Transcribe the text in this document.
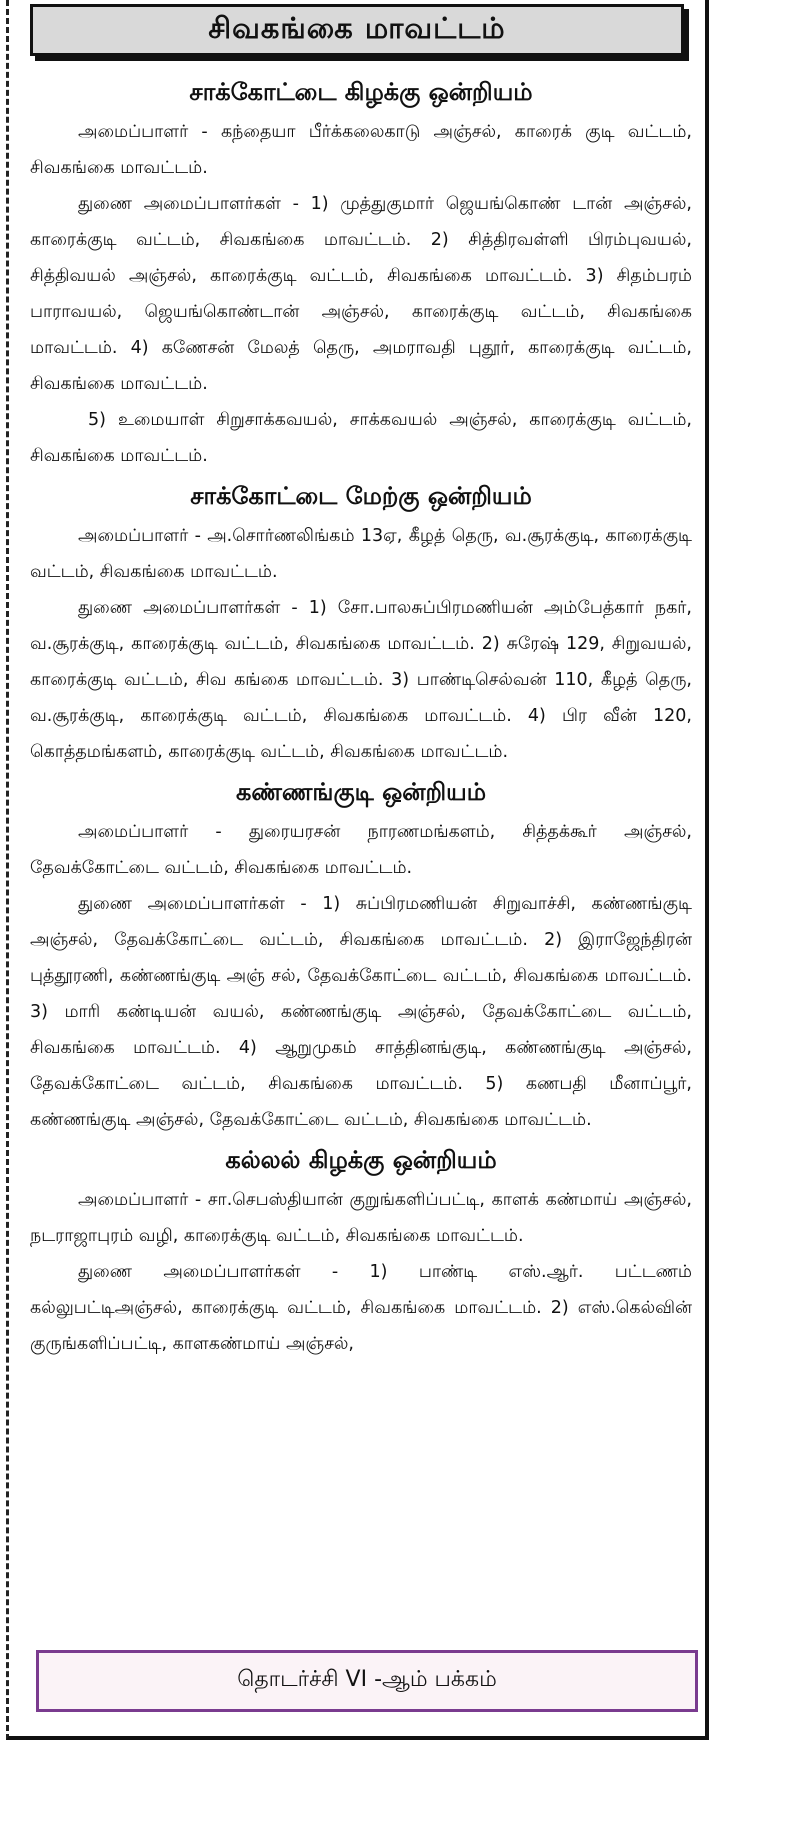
சிவகங்கை மாவட்டம்
சாக்கோட்டை கிழக்கு ஒன்றியம்

அமைப்பாளர் - கந்தையா பீர்க்கலைகாடு அஞ்சல், காரைக் குடி வட்டம், சிவகங்கை மாவட்டம்.

துணை அமைப்பாளர்கள் - 1) முத்துகுமார் ஜெயங்கொண் டான் அஞ்சல், காரைக்குடி வட்டம், சிவகங்கை மாவட்டம். 2) சித்திரவள்ளி பிரம்புவயல், சித்திவயல் அஞ்சல், காரைக்குடி வட்டம், சிவகங்கை மாவட்டம். 3) சிதம்பரம் பாராவயல், ஜெயங்கொண்டான் அஞ்சல், காரைக்குடி வட்டம், சிவகங்கை மாவட்டம். 4) கணேசன் மேலத் தெரு, அமராவதி புதூர், காரைக்குடி வட்டம், சிவகங்கை மாவட்டம்.

5) உமையாள் சிறுசாக்கவயல், சாக்கவயல் அஞ்சல், காரைக்குடி வட்டம், சிவகங்கை மாவட்டம்.

சாக்கோட்டை மேற்கு ஒன்றியம்

அமைப்பாளர் - அ.சொர்ணலிங்கம் 13ஏ, கீழத் தெரு, வ.சூரக்குடி, காரைக்குடி வட்டம், சிவகங்கை மாவட்டம்.

துணை அமைப்பாளர்கள் - 1) சோ.பாலசுப்பிரமணியன் அம்பேத்கார் நகர், வ.சூரக்குடி, காரைக்குடி வட்டம், சிவகங்கை மாவட்டம். 2) சுரேஷ் 129, சிறுவயல், காரைக்குடி வட்டம், சிவ கங்கை மாவட்டம். 3) பாண்டிசெல்வன் 110, கீழத் தெரு, வ.சூரக்குடி, காரைக்குடி வட்டம், சிவகங்கை மாவட்டம். 4) பிர வீன் 120, கொத்தமங்களம், காரைக்குடி வட்டம், சிவகங்கை மாவட்டம்.

கண்ணங்குடி ஒன்றியம்

அமைப்பாளர் - துரையரசன் நாரணமங்களம், சித்தக்கூர் அஞ்சல், தேவக்கோட்டை வட்டம், சிவகங்கை மாவட்டம்.

துணை அமைப்பாளர்கள் - 1) சுப்பிரமணியன் சிறுவாச்சி, கண்ணங்குடி அஞ்சல், தேவக்கோட்டை வட்டம், சிவகங்கை மாவட்டம். 2) இராஜேந்திரன் புத்தூரணி, கண்ணங்குடி அஞ் சல், தேவக்கோட்டை வட்டம், சிவகங்கை மாவட்டம். 3) மாரி கண்டியன் வயல், கண்ணங்குடி அஞ்சல், தேவக்கோட்டை வட்டம், சிவகங்கை மாவட்டம். 4) ஆறுமுகம் சாத்தினங்குடி, கண்ணங்குடி அஞ்சல், தேவக்கோட்டை வட்டம், சிவகங்கை மாவட்டம். 5) கணபதி மீனாப்பூர், கண்ணங்குடி அஞ்சல், தேவக்கோட்டை வட்டம், சிவகங்கை மாவட்டம்.

கல்லல் கிழக்கு ஒன்றியம்

அமைப்பாளர் - சா.செபஸ்தியான் குறுங்களிப்பட்டி, காளக் கண்மாய் அஞ்சல், நடராஜாபுரம் வழி, காரைக்குடி வட்டம், சிவகங்கை மாவட்டம்.

துணை அமைப்பாளர்கள் - 1) பாண்டி எஸ்.ஆர். பட்டணம் கல்லுபட்டிஅஞ்சல், காரைக்குடி வட்டம், சிவகங்கை மாவட்டம். 2) எஸ்.கெல்வின் குருங்களிப்பட்டி, காளகண்மாய் அஞ்சல்,

தொடர்ச்சி VI -ஆம் பக்கம்
